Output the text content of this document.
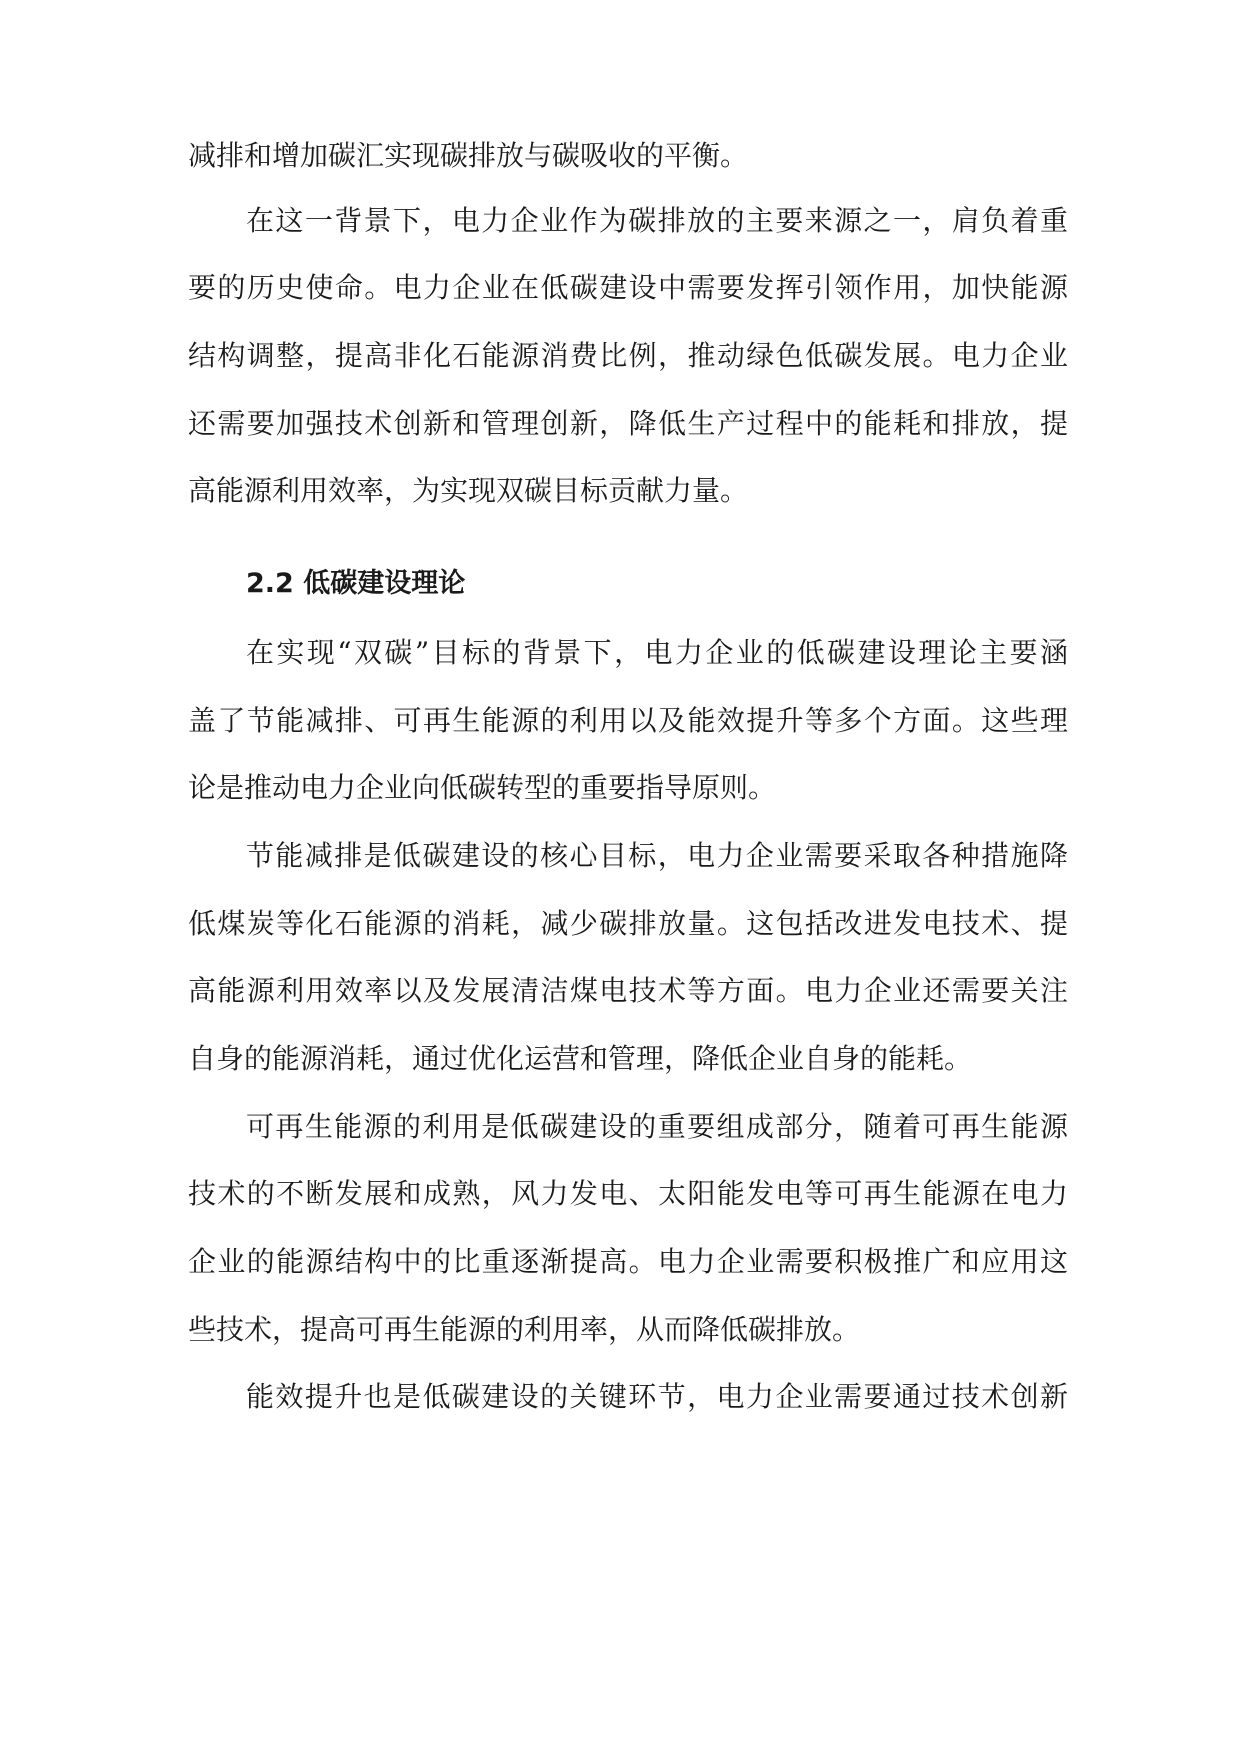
减排和增加碳汇实现碳排放与碳吸收的平衡。
在这一背景下，电力企业作为碳排放的主要来源之一，肩负着重
要的历史使命。电力企业在低碳建设中需要发挥引领作用，加快能源
结构调整，提高非化石能源消费比例，推动绿色低碳发展。电力企业
还需要加强技术创新和管理创新，降低生产过程中的能耗和排放，提
高能源利用效率，为实现双碳目标贡献力量。
2.2 低碳建设理论
在实现“双碳”目标的背景下，电力企业的低碳建设理论主要涵
盖了节能减排、可再生能源的利用以及能效提升等多个方面。这些理
论是推动电力企业向低碳转型的重要指导原则。
节能减排是低碳建设的核心目标，电力企业需要采取各种措施降
低煤炭等化石能源的消耗，减少碳排放量。这包括改进发电技术、提
高能源利用效率以及发展清洁煤电技术等方面。电力企业还需要关注
自身的能源消耗，通过优化运营和管理，降低企业自身的能耗。
可再生能源的利用是低碳建设的重要组成部分，随着可再生能源
技术的不断发展和成熟，风力发电、太阳能发电等可再生能源在电力
企业的能源结构中的比重逐渐提高。电力企业需要积极推广和应用这
些技术，提高可再生能源的利用率，从而降低碳排放。
能效提升也是低碳建设的关键环节，电力企业需要通过技术创新
